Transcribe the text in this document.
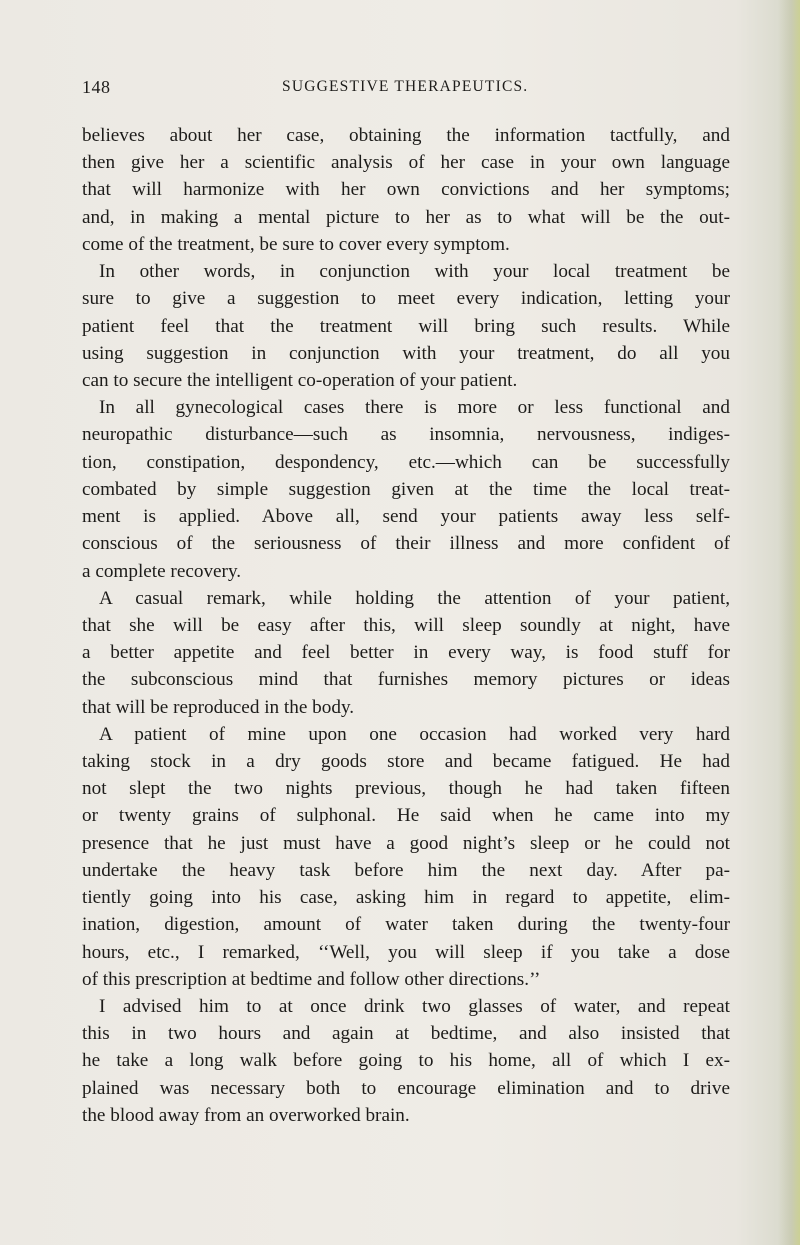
148	SUGGESTIVE THERAPEUTICS.
believes about her case, obtaining the information tactfully, and
then give her a scientific analysis of her case in your own language
that will harmonize with her own convictions and her symptoms;
and, in making a mental picture to her as to what will be the out-
come of the treatment, be sure to cover every symptom.
In other words, in conjunction with your local treatment be
sure to give a suggestion to meet every indication, letting your
patient feel that the treatment will bring such results. While
using suggestion in conjunction with your treatment, do all you
can to secure the intelligent co-operation of your patient.
In all gynecological cases there is more or less functional and
neuropathic disturbance—such as insomnia, nervousness, indiges-
tion, constipation, despondency, etc.—which can be successfully
combated by simple suggestion given at the time the local treat-
ment is applied. Above all, send your patients away less self-
conscious of the seriousness of their illness and more confident of
a complete recovery.
A casual remark, while holding the attention of your patient,
that she will be easy after this, will sleep soundly at night, have
a better appetite and feel better in every way, is food stuff for
the subconscious mind that furnishes memory pictures or ideas
that will be reproduced in the body.
A patient of mine upon one occasion had worked very hard
taking stock in a dry goods store and became fatigued. He had
not slept the two nights previous, though he had taken fifteen
or twenty grains of sulphonal. He said when he came into my
presence that he just must have a good night’s sleep or he could not
undertake the heavy task before him the next day. After pa-
tiently going into his case, asking him in regard to appetite, elim-
ination, digestion, amount of water taken during the twenty-four
hours, etc., I remarked, ‘‘Well, you will sleep if you take a dose
of this prescription at bedtime and follow other directions.’’
I advised him to at once drink two glasses of water, and repeat
this in two hours and again at bedtime, and also insisted that
he take a long walk before going to his home, all of which I ex-
plained was necessary both to encourage elimination and to drive
the blood away from an overworked brain.
